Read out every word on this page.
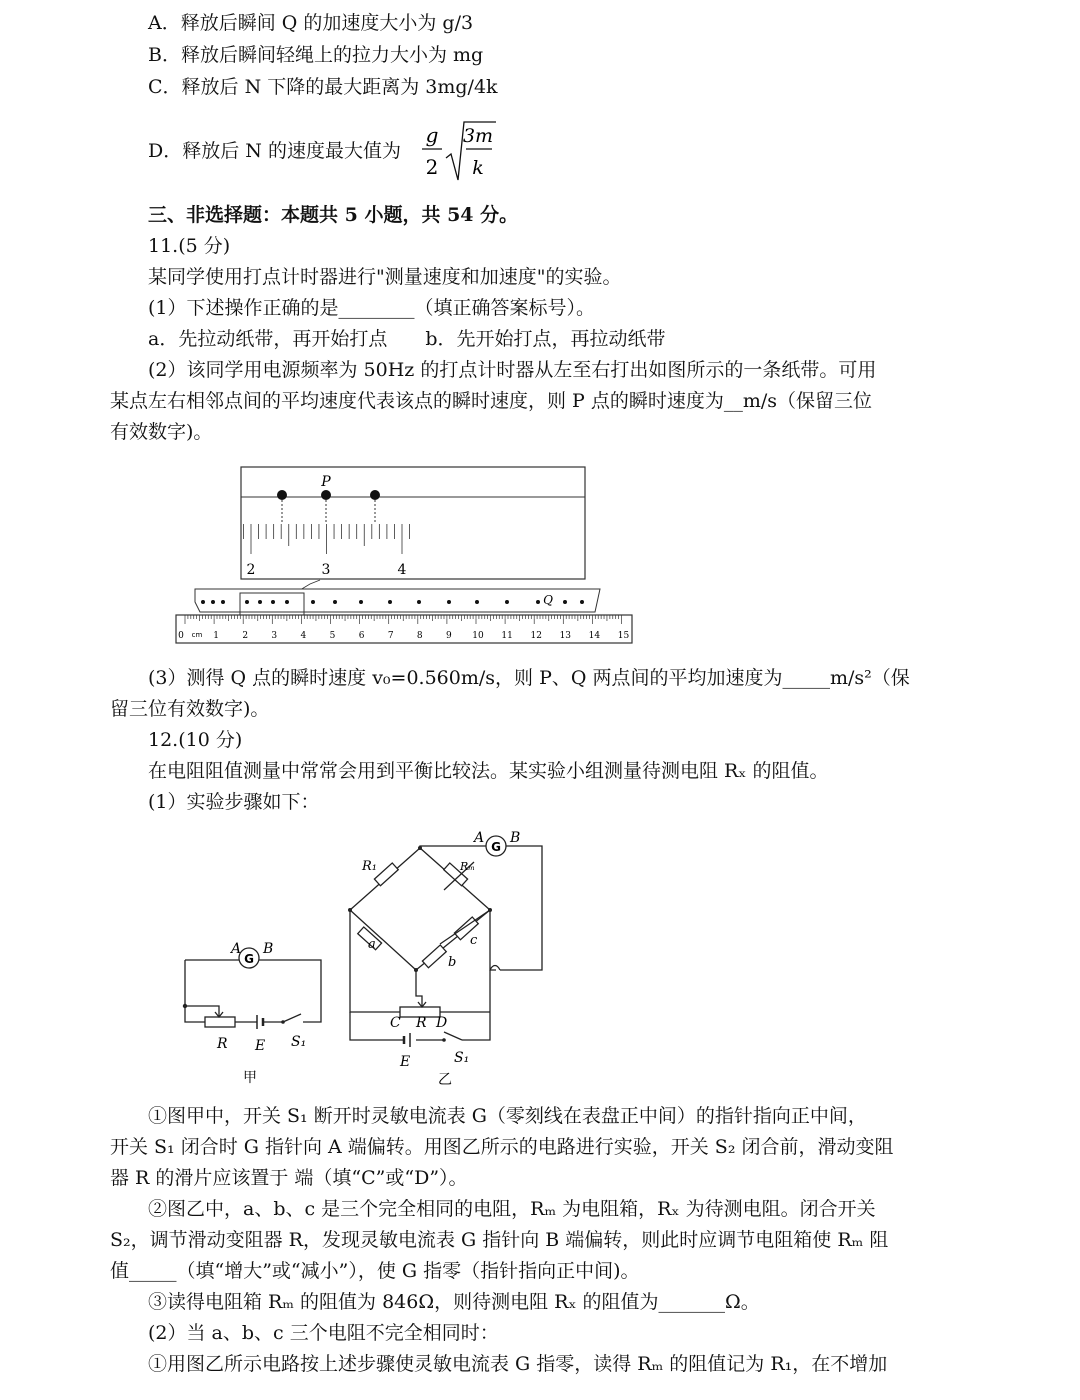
A．释放后瞬间 Q 的加速度大小为 g/3
B．释放后瞬间轻绳上的拉力大小为 mg
C．释放后 N 下降的最大距离为 3mg/4k
D．释放后 N 的速度最大值为
g
2
3m
k
三、非选择题：本题共 5 小题，共 54 分。
11.(5 分)
某同学使用打点计时器进行"测量速度和加速度"的实验。
(1）下述操作正确的是________（填正确答案标号）。
a．先拉动纸带，再开始打点　　b．先开始打点，再拉动纸带
(2）该同学用电源频率为 50Hz 的打点计时器从左至右打出如图所示的一条纸带。可用
某点左右相邻点间的平均速度代表该点的瞬时速度，则 P 点的瞬时速度为__m/s（保留三位
有效数字)。
P
2	3	4
Q
0	1	2	3	4	5	6	7	8	9 10 11 12 13 14 15
cm
(3）测得 Q 点的瞬时速度 v₀=0.560m/s，则 P、Q 两点间的平均加速度为_____m/s²（保
留三位有效数字)。
12.(10 分)
在电阻阻值测量中常常会用到平衡比较法。某实验小组测量待测电阻 Rₓ 的阻值。
(1）实验步骤如下：
G
A B
R E S₁
甲
G
A B
R₁	Rₘ
a
b
c
C R D
E	S₁
乙
①图甲中，开关 S₁ 断开时灵敏电流表 G（零刻线在表盘正中间）的指针指向正中间，
开关 S₁ 闭合时 G 指针向 A 端偏转。用图乙所示的电路进行实验，开关 S₂ 闭合前，滑动变阻
器 R 的滑片应该置于 端（填“C”或“D”）。
②图乙中，a、b、c 是三个完全相同的电阻，Rₘ 为电阻箱，Rₓ 为待测电阻。闭合开关
S₂，调节滑动变阻器 R，发现灵敏电流表 G 指针向 B 端偏转，则此时应调节电阻箱使 Rₘ 阻
值_____（填“增大”或“减小”），使 G 指零（指针指向正中间)。
③读得电阻箱 Rₘ 的阻值为 846Ω，则待测电阻 Rₓ 的阻值为_______Ω。
(2）当 a、b、c 三个电阻不完全相同时：
①用图乙所示电路按上述步骤使灵敏电流表 G 指零，读得 Rₘ 的阻值记为 R₁，在不增加
